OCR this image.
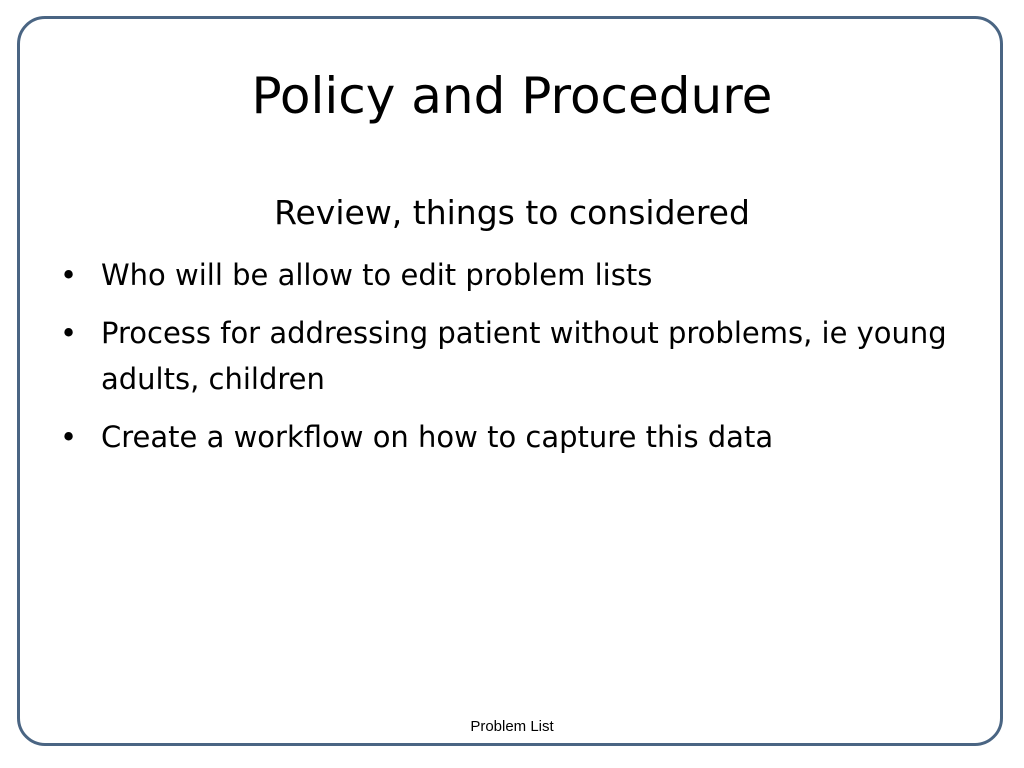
Policy and Procedure
Review, things to considered
• Who will be allow to edit problem lists
• Process for addressing patient without problems, ie young adults, children
• Create a workflow on how to capture this data
Problem List
